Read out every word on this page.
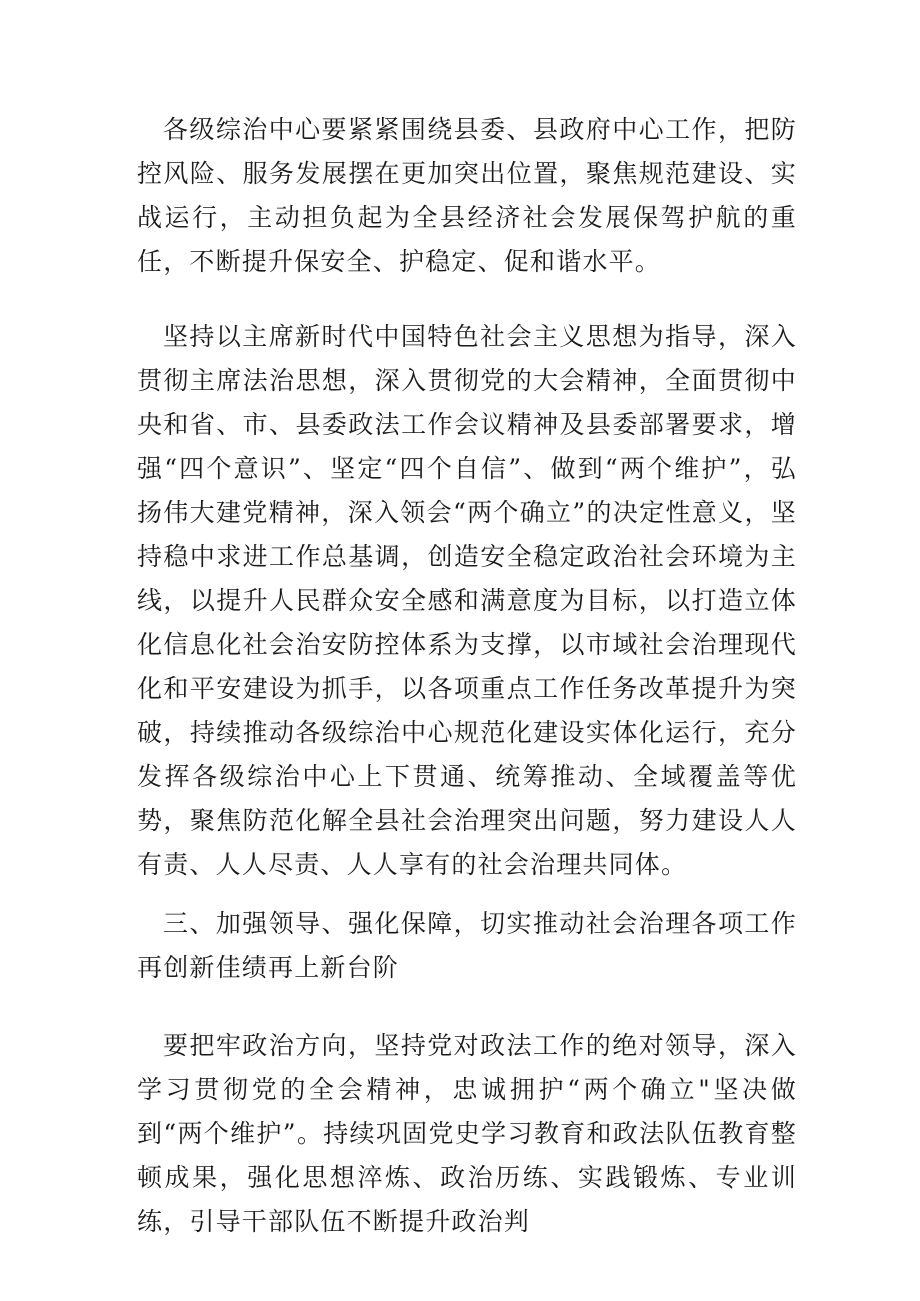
各级综治中心要紧紧围绕县委、县政府中心工作，把防控风险、服务发展摆在更加突出位置，聚焦规范建设、实战运行，主动担负起为全县经济社会发展保驾护航的重任，不断提升保安全、护稳定、促和谐水平。

坚持以主席新时代中国特色社会主义思想为指导，深入贯彻主席法治思想，深入贯彻党的大会精神，全面贯彻中央和省、市、县委政法工作会议精神及县委部署要求，增强“四个意识”、坚定“四个自信”、做到“两个维护”，弘扬伟大建党精神，深入领会“两个确立”的决定性意义，坚持稳中求进工作总基调，创造安全稳定政治社会环境为主线，以提升人民群众安全感和满意度为目标，以打造立体化信息化社会治安防控体系为支撑，以市域社会治理现代化和平安建设为抓手，以各项重点工作任务改革提升为突破，持续推动各级综治中心规范化建设实体化运行，充分发挥各级综治中心上下贯通、统筹推动、全域覆盖等优势，聚焦防范化解全县社会治理突出问题，努力建设人人有责、人人尽责、人人享有的社会治理共同体。

三、加强领导、强化保障，切实推动社会治理各项工作再创新佳绩再上新台阶

要把牢政治方向，坚持党对政法工作的绝对领导，深入学习贯彻党的全会精神，忠诚拥护“两个确立"坚决做到“两个维护”。持续巩固党史学习教育和政法队伍教育整顿成果，强化思想淬炼、政治历练、实践锻炼、专业训练，引导干部队伍不断提升政治判
